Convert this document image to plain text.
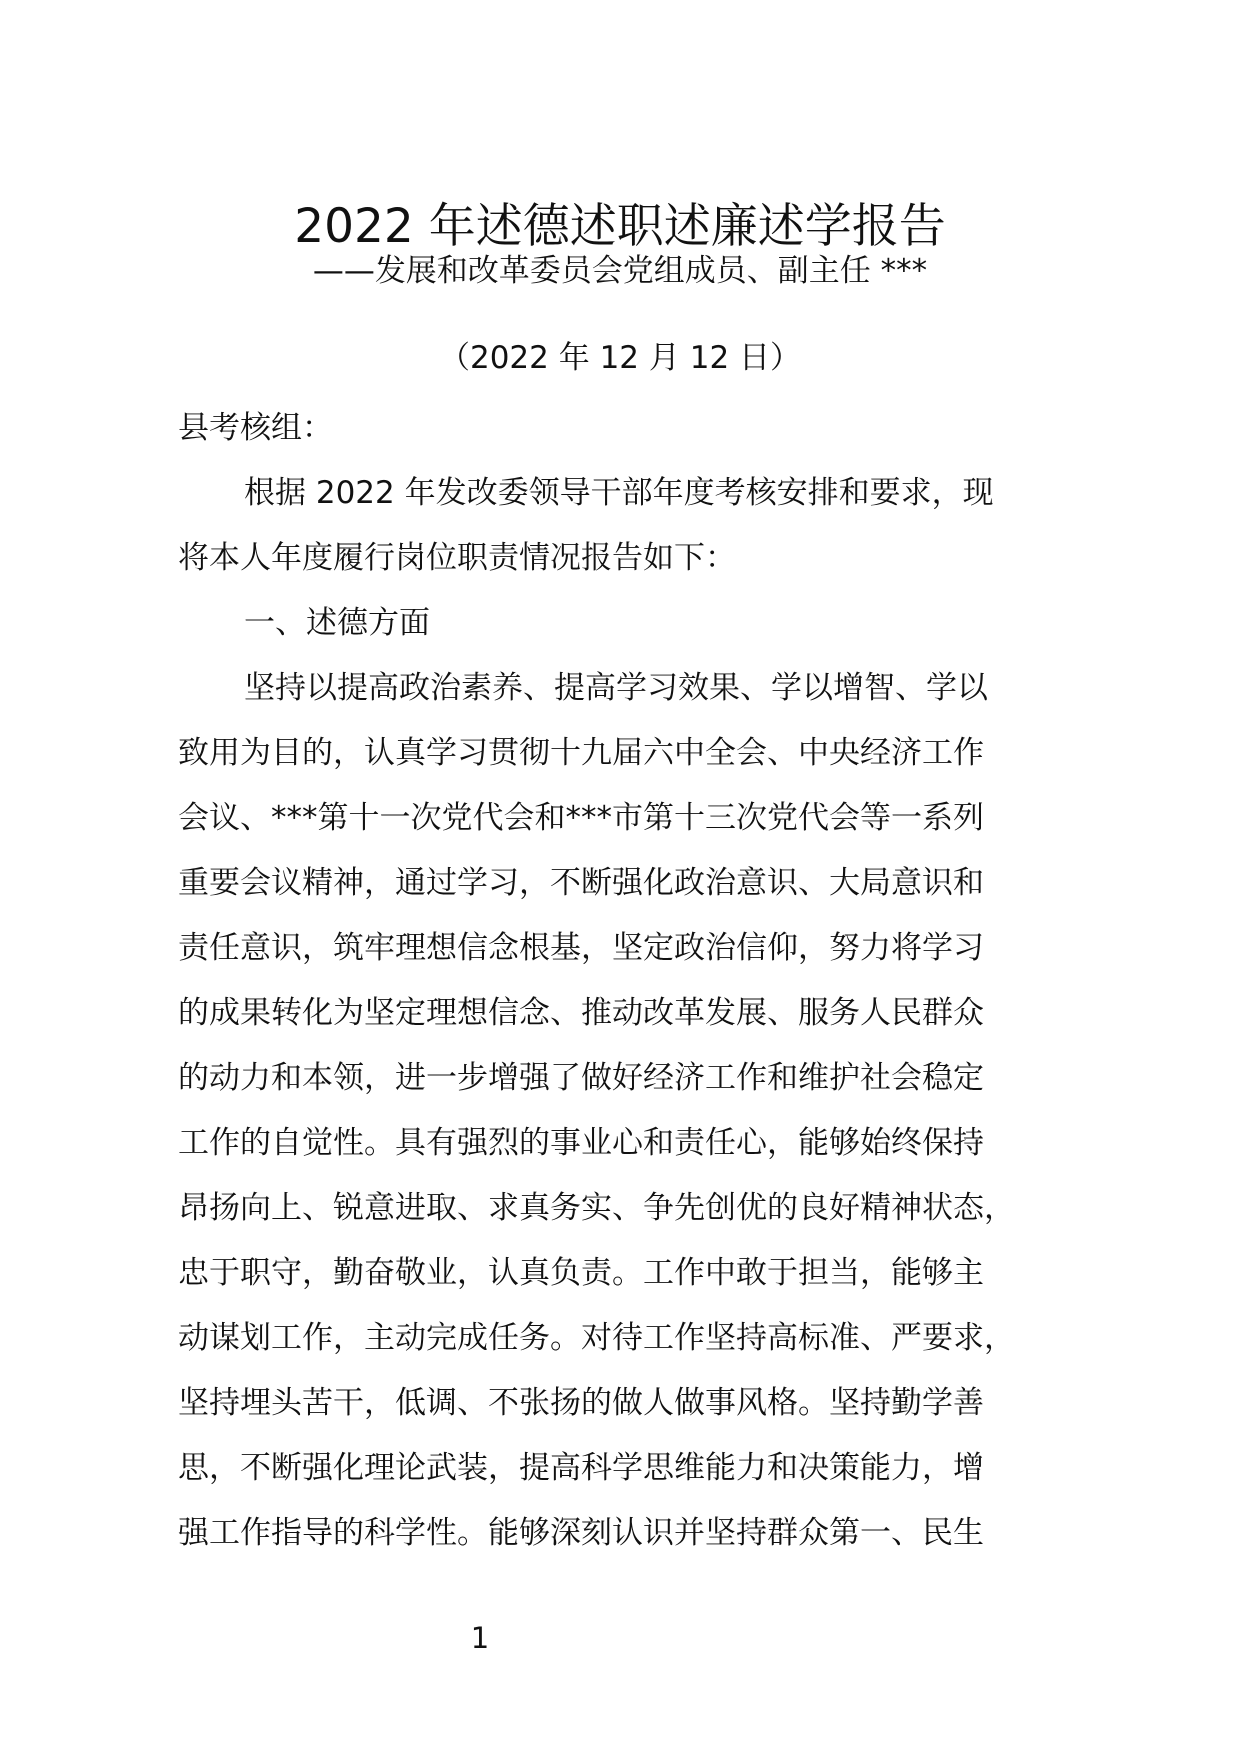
2022 年述德述职述廉述学报告
——发展和改革委员会党组成员、副主任 ***
（2022 年 12 月 12 日）
县考核组：
根据 2022 年发改委领导干部年度考核安排和要求，现
将本人年度履行岗位职责情况报告如下：
一、述德方面
坚持以提高政治素养、提高学习效果、学以增智、学以
致用为目的，认真学习贯彻十九届六中全会、中央经济工作
会议、***第十一次党代会和***市第十三次党代会等一系列
重要会议精神，通过学习，不断强化政治意识、大局意识和
责任意识，筑牢理想信念根基，坚定政治信仰，努力将学习
的成果转化为坚定理想信念、推动改革发展、服务人民群众
的动力和本领，进一步增强了做好经济工作和维护社会稳定
工作的自觉性。具有强烈的事业心和责任心，能够始终保持
昂扬向上、锐意进取、求真务实、争先创优的良好精神状态，
忠于职守，勤奋敬业，认真负责。工作中敢于担当，能够主
动谋划工作，主动完成任务。对待工作坚持高标准、严要求，
坚持埋头苦干，低调、不张扬的做人做事风格。坚持勤学善
思，不断强化理论武装，提高科学思维能力和决策能力，增
强工作指导的科学性。能够深刻认识并坚持群众第一、民生
1
